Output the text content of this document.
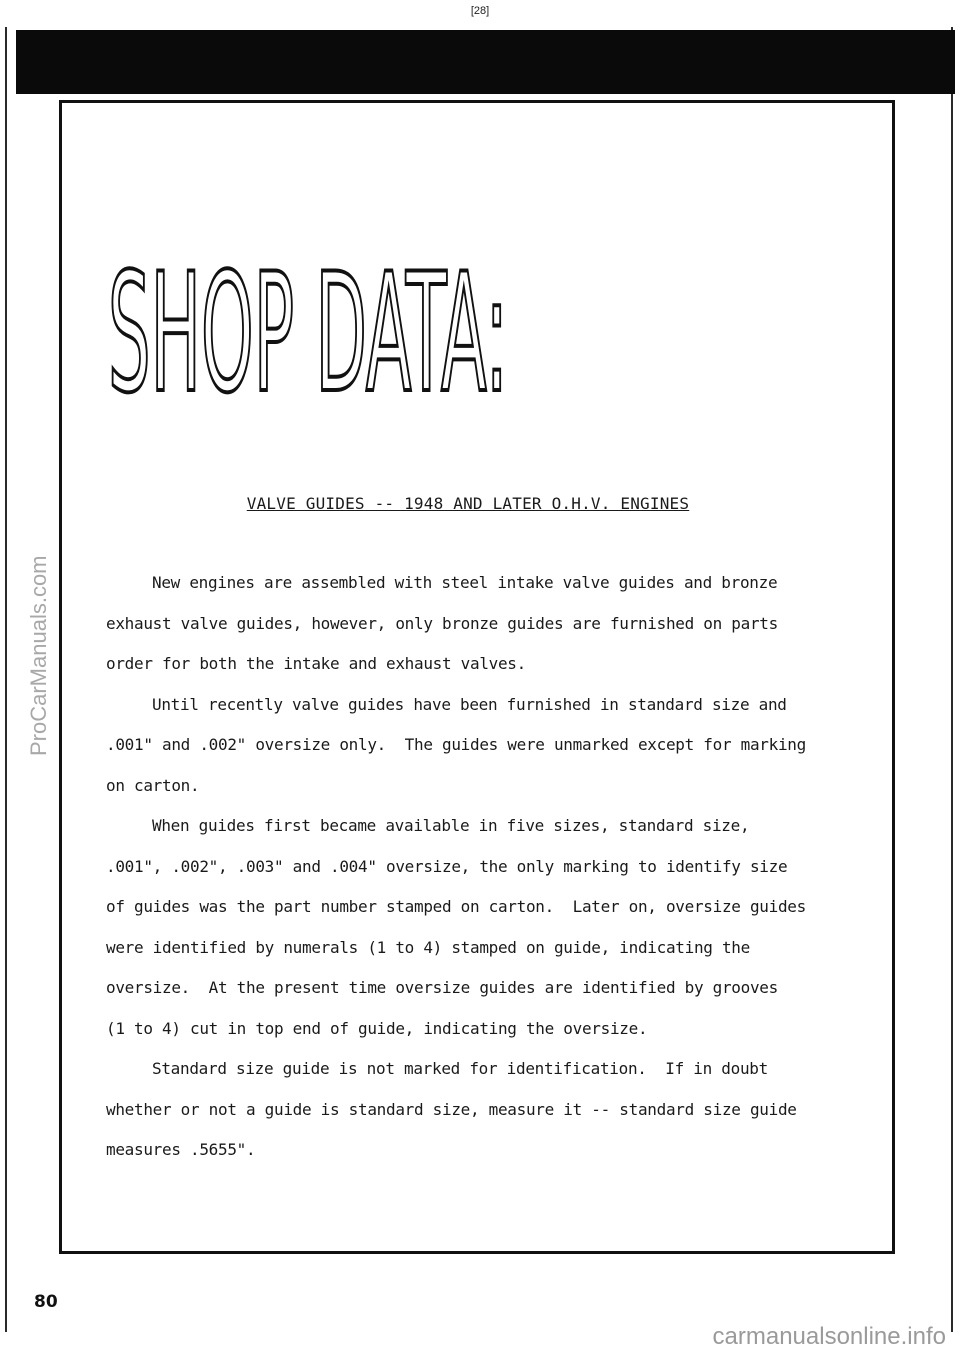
[28]
ProCarManuals.com
SHOP DATA:
VALVE GUIDES -- 1948 AND LATER O.H.V. ENGINES
New engines are assembled with steel intake valve guides and bronze
exhaust valve guides, however, only bronze guides are furnished on parts
order for both the intake and exhaust valves.
Until recently valve guides have been furnished in standard size and
.001" and .002" oversize only.  The guides were unmarked except for marking
on carton.
When guides first became available in five sizes, standard size,
.001", .002", .003" and .004" oversize, the only marking to identify size
of guides was the part number stamped on carton.  Later on, oversize guides
were identified by numerals (1 to 4) stamped on guide, indicating the
oversize.  At the present time oversize guides are identified by grooves
(1 to 4) cut in top end of guide, indicating the oversize.
Standard size guide is not marked for identification.  If in doubt
whether or not a guide is standard size, measure it -- standard size guide
measures .5655".
80
carmanualsonline.info
